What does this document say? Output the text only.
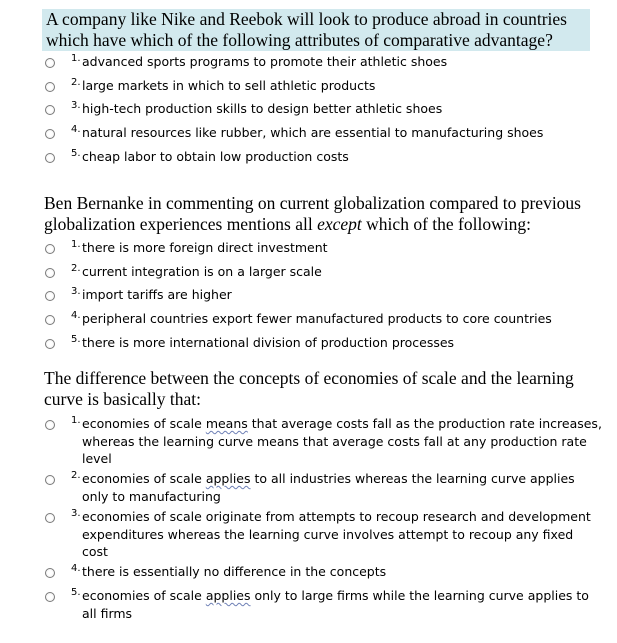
A company like Nike and Reebok will look to produce abroad in countries which have which of the following attributes of comparative advantage?
1. advanced sports programs to promote their athletic shoes
2. large markets in which to sell athletic products
3. high-tech production skills to design better athletic shoes
4. natural resources like rubber, which are essential to manufacturing shoes
5. cheap labor to obtain low production costs
Ben Bernanke in commenting on current globalization compared to previous globalization experiences mentions all except which of the following:
1. there is more foreign direct investment
2. current integration is on a larger scale
3. import tariffs are higher
4. peripheral countries export fewer manufactured products to core countries
5. there is more international division of production processes
The difference between the concepts of economies of scale and the learning curve is basically that:
1. economies of scale means that average costs fall as the production rate increases, whereas the learning curve means that average costs fall at any production rate level
2. economies of scale applies to all industries whereas the learning curve applies only to manufacturing
3. economies of scale originate from attempts to recoup research and development expenditures whereas the learning curve involves attempt to recoup any fixed cost
4. there is essentially no difference in the concepts
5. economies of scale applies only to large firms while the learning curve applies to all firms
